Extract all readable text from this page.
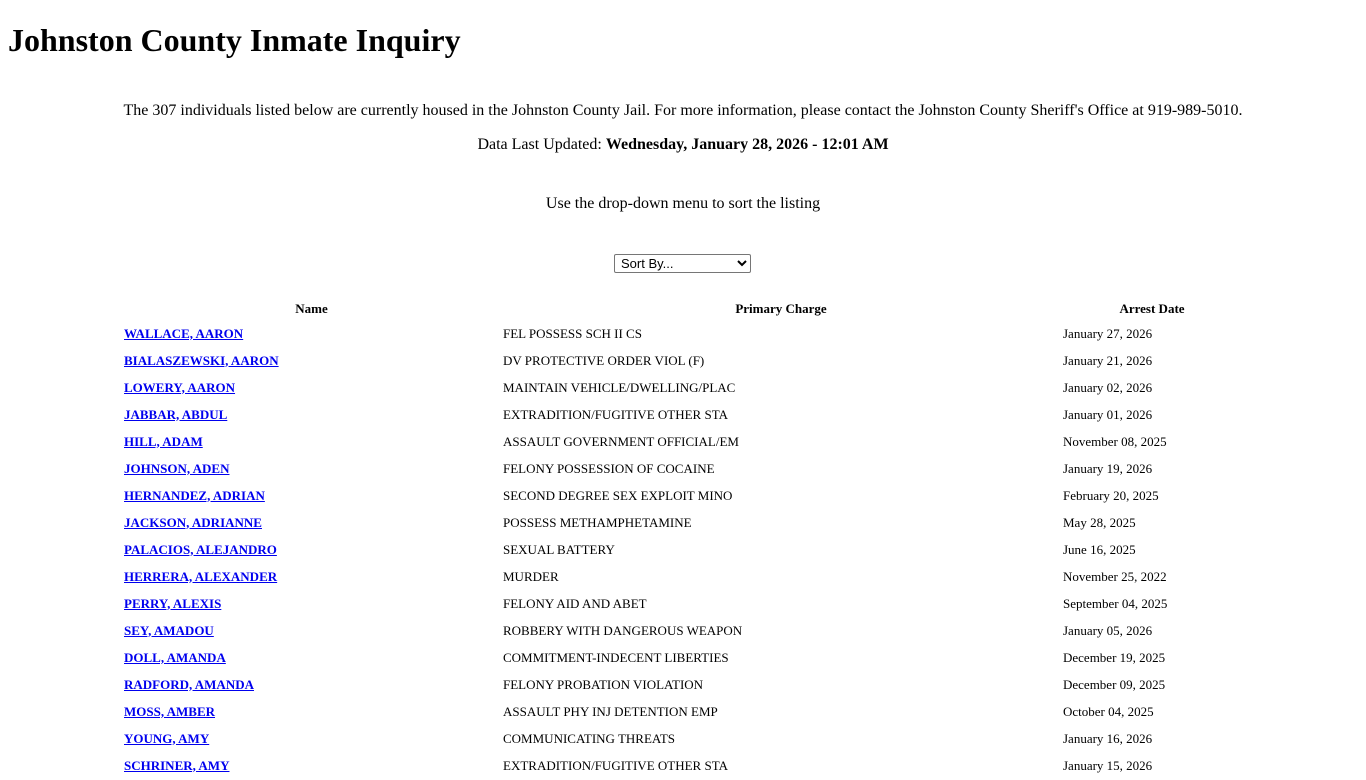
Johnston County Inmate Inquiry
The 307 individuals listed below are currently housed in the Johnston County Jail. For more information, please contact the Johnston County Sheriff's Office at 919-989-5010.
Data Last Updated: Wednesday, January 28, 2026 - 12:01 AM
Use the drop-down menu to sort the listing
Sort By...
Name	Primary Charge	Arrest Date
WALLACE, AARON	FEL POSSESS SCH II CS	January 27, 2026
BIALASZEWSKI, AARON	DV PROTECTIVE ORDER VIOL (F)	January 21, 2026
LOWERY, AARON	MAINTAIN VEHICLE/DWELLING/PLAC	January 02, 2026
JABBAR, ABDUL	EXTRADITION/FUGITIVE OTHER STA	January 01, 2026
HILL, ADAM	ASSAULT GOVERNMENT OFFICIAL/EM	November 08, 2025
JOHNSON, ADEN	FELONY POSSESSION OF COCAINE	January 19, 2026
HERNANDEZ, ADRIAN	SECOND DEGREE SEX EXPLOIT MINO	February 20, 2025
JACKSON, ADRIANNE	POSSESS METHAMPHETAMINE	May 28, 2025
PALACIOS, ALEJANDRO	SEXUAL BATTERY	June 16, 2025
HERRERA, ALEXANDER	MURDER	November 25, 2022
PERRY, ALEXIS	FELONY AID AND ABET	September 04, 2025
SEY, AMADOU	ROBBERY WITH DANGEROUS WEAPON	January 05, 2026
DOLL, AMANDA	COMMITMENT-INDECENT LIBERTIES	December 19, 2025
RADFORD, AMANDA	FELONY PROBATION VIOLATION	December 09, 2025
MOSS, AMBER	ASSAULT PHY INJ DETENTION EMP	October 04, 2025
YOUNG, AMY	COMMUNICATING THREATS	January 16, 2026
SCHRINER, AMY	EXTRADITION/FUGITIVE OTHER STA	January 15, 2026
